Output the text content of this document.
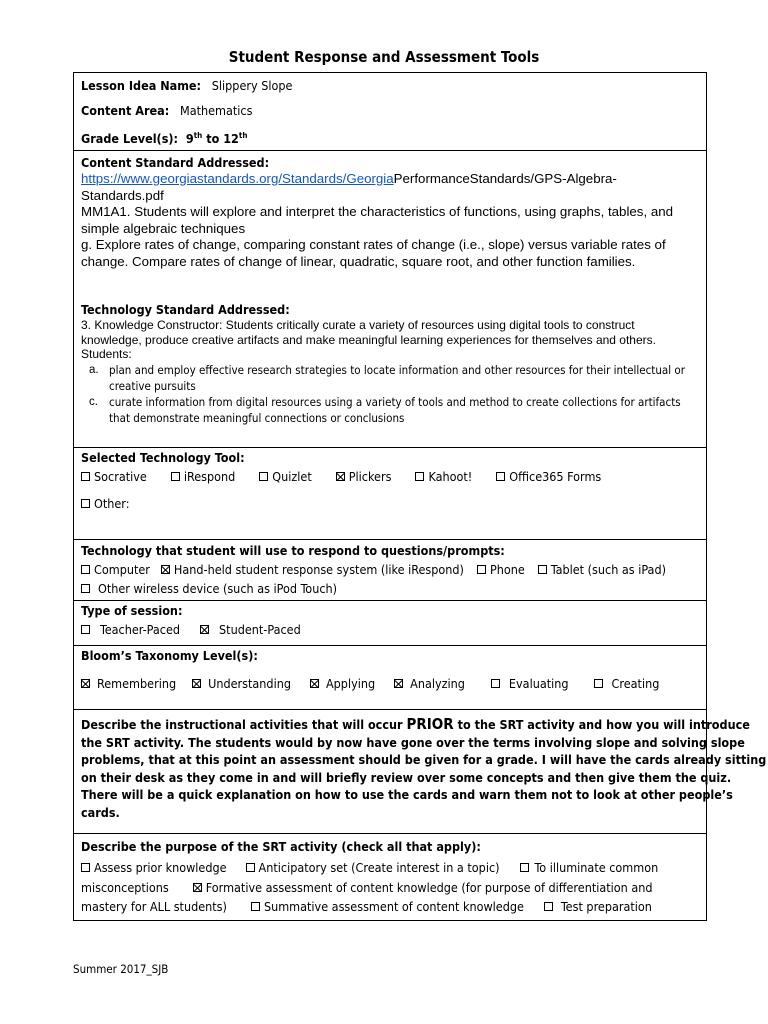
Student Response and Assessment Tools
Lesson Idea Name: Slippery Slope
Content Area: Mathematics
Grade Level(s): 9th to 12th
Content Standard Addressed:
https://www.georgiastandards.org/Standards/GeorgiaPerformanceStandards/GPS-Algebra-
Standards.pdf
MM1A1. Students will explore and interpret the characteristics of functions, using graphs, tables, and
simple algebraic techniques
g. Explore rates of change, comparing constant rates of change (i.e., slope) versus variable rates of
change. Compare rates of change of linear, quadratic, square root, and other function families.
Technology Standard Addressed:
3. Knowledge Constructor: Students critically curate a variety of resources using digital tools to construct
knowledge, produce creative artifacts and make meaningful learning experiences for themselves and others.
Students:
a. plan and employ effective research strategies to locate information and other resources for their intellectual or
creative pursuits
c. curate information from digital resources using a variety of tools and method to create collections for artifacts
that demonstrate meaningful connections or conclusions
Selected Technology Tool:
Socrative	iRespond	Quizlet	Plickers	Kahoot!	Office365 Forms
Other:
Technology that student will use to respond to questions/prompts:
Computer Hand-held student response system (like iRespond) Phone Tablet (such as iPad)
Other wireless device (such as iPod Touch)
Type of session:
Teacher-Paced	Student-Paced
Bloom’s Taxonomy Level(s):
Remembering	Understanding	Applying	Analyzing	Evaluating	Creating
Describe the instructional activities that will occur PRIOR to the SRT activity and how you will introduce
the SRT activity. The students would by now have gone over the terms involving slope and solving slope
problems, that at this point an assessment should be given for a grade. I will have the cards already sitting
on their desk as they come in and will briefly review over some concepts and then give them the quiz.
There will be a quick explanation on how to use the cards and warn them not to look at other people’s
cards.
Describe the purpose of the SRT activity (check all that apply):
Assess prior knowledge	Anticipatory set (Create interest in a topic)	To illuminate common
misconceptions	Formative assessment of content knowledge (for purpose of differentiation and
mastery for ALL students)	Summative assessment of content knowledge	Test preparation
Summer 2017_SJB
